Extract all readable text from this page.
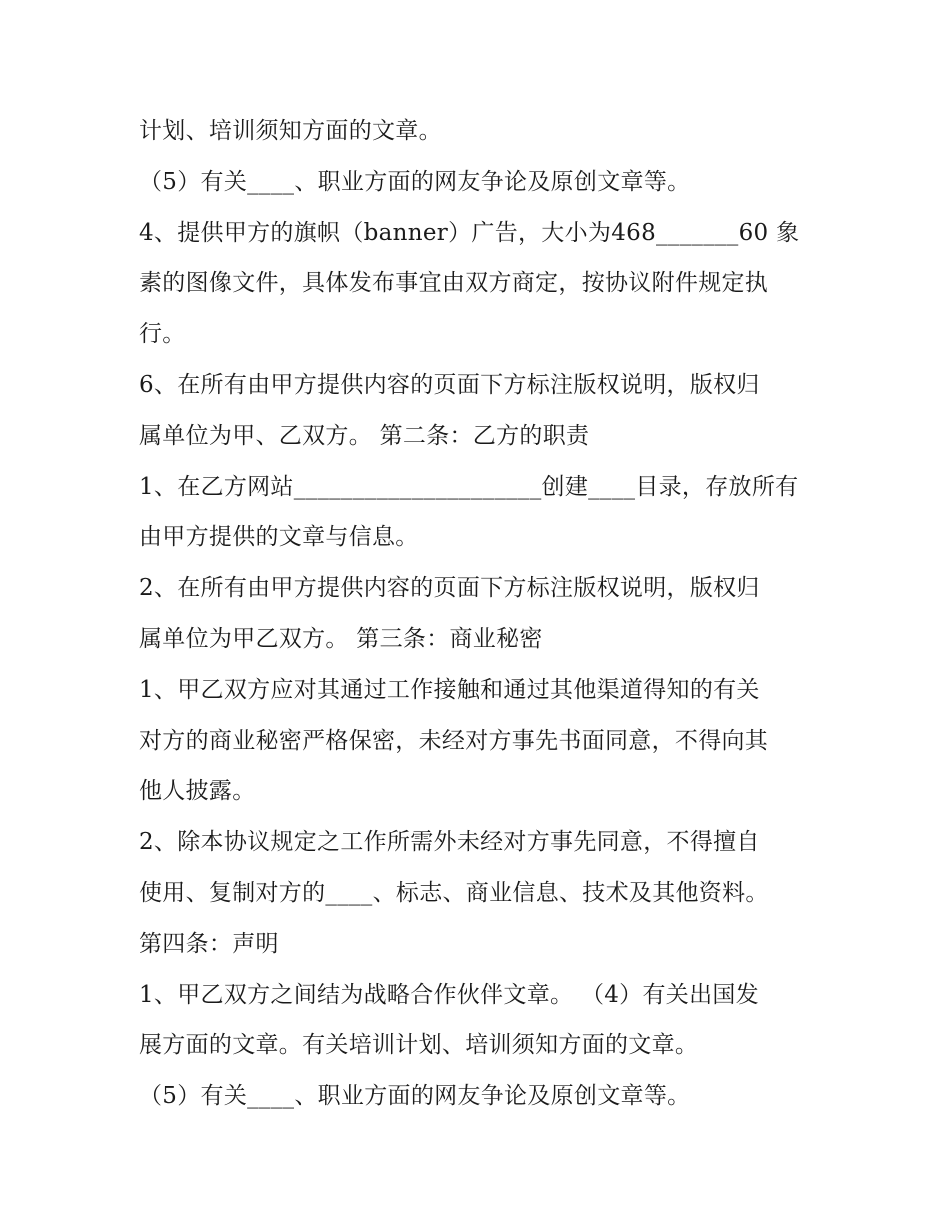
计划、培训须知方面的文章。
（5）有关____、职业方面的网友争论及原创文章等。
4、提供甲方的旗帜（banner）广告，大小为468_______60 象
素的图像文件，具体发布事宜由双方商定，按协议附件规定执
行。
6、在所有由甲方提供内容的页面下方标注版权说明，版权归
属单位为甲、乙双方。 第二条：乙方的职责
1、在乙方网站_____________________创建____目录，存放所有
由甲方提供的文章与信息。
2、在所有由甲方提供内容的页面下方标注版权说明，版权归
属单位为甲乙双方。 第三条：商业秘密
1、甲乙双方应对其通过工作接触和通过其他渠道得知的有关
对方的商业秘密严格保密，未经对方事先书面同意，不得向其
他人披露。
2、除本协议规定之工作所需外未经对方事先同意，不得擅自
使用、复制对方的____、标志、商业信息、技术及其他资料。
第四条：声明
1、甲乙双方之间结为战略合作伙伴文章。 （4）有关出国发
展方面的文章。有关培训计划、培训须知方面的文章。
（5）有关____、职业方面的网友争论及原创文章等。
